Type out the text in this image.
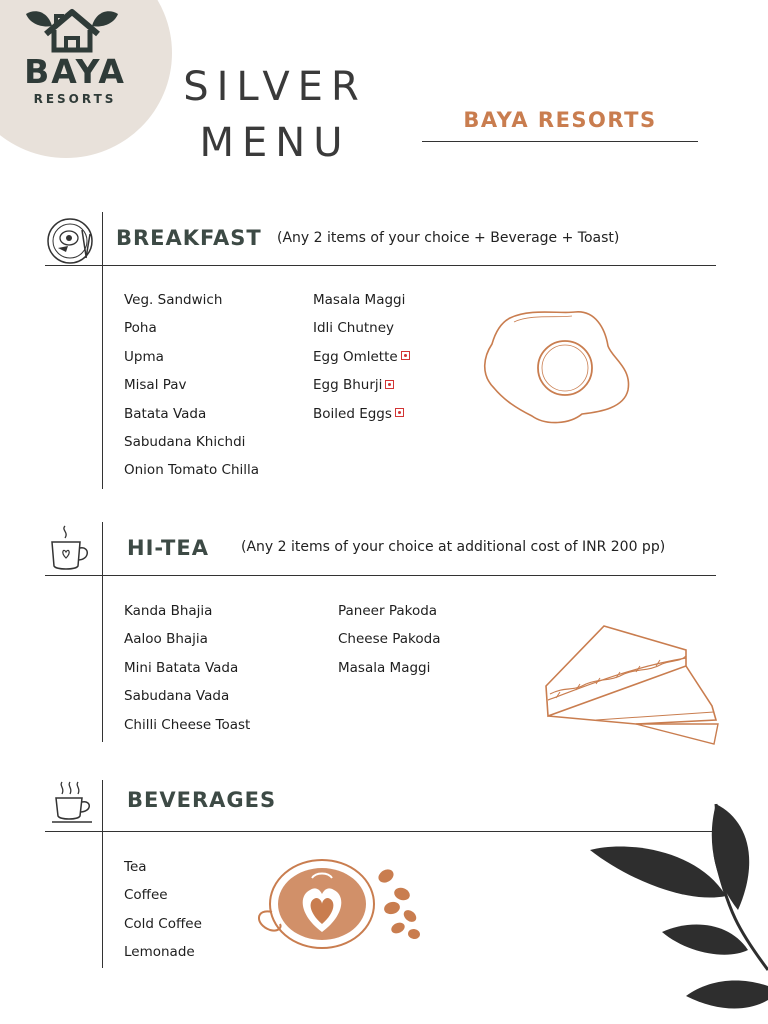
BAYA
RESORTS	SILVER
MENU	BAYA RESORTS
BREAKFAST (Any 2 items of your choice + Beverage + Toast)
Veg. Sandwich
Poha
Upma
Misal Pav
Batata Vada
Sabudana Khichdi
Onion Tomato Chilla
Masala Maggi
Idli Chutney
Egg Omlette
Egg Bhurji
Boiled Eggs
HI-TEA (Any 2 items of your choice at additional cost of INR 200 pp)
Kanda Bhajia
Aaloo Bhajia
Mini Batata Vada
Sabudana Vada
Chilli Cheese Toast
Paneer Pakoda
Cheese Pakoda
Masala Maggi
BEVERAGES
Tea
Coffee
Cold Coffee
Lemonade
